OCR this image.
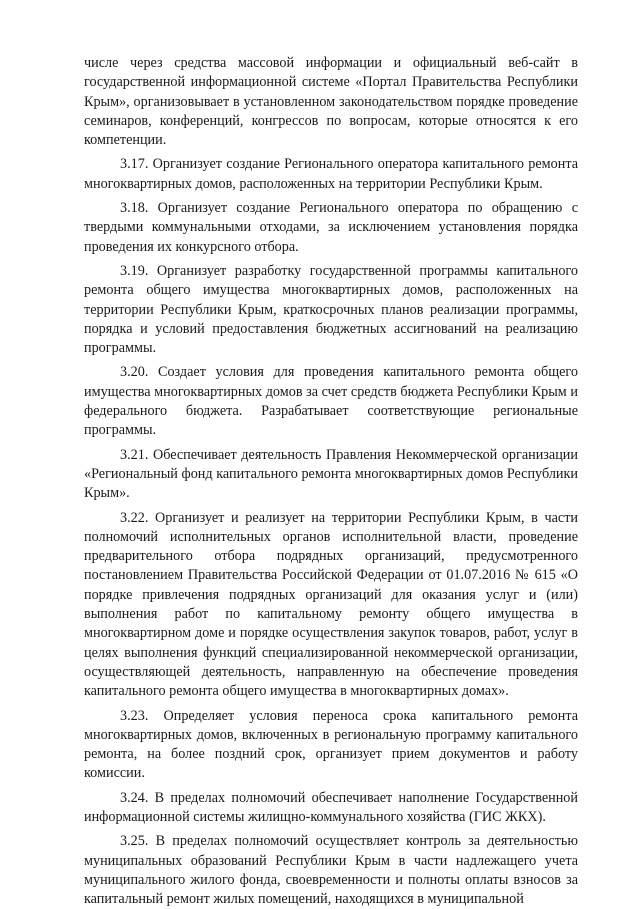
числе через средства массовой информации и официальный веб-сайт в государственной информационной системе «Портал Правительства Республики Крым», организовывает в установленном законодательством порядке проведение семинаров, конференций, конгрессов по вопросам, которые относятся к его компетенции.

3.17. Организует создание Регионального оператора капитального ремонта многоквартирных домов, расположенных на территории Республики Крым.

3.18. Организует создание Регионального оператора по обращению с твердыми коммунальными отходами, за исключением установления порядка проведения их конкурсного отбора.

3.19. Организует разработку государственной программы капитального ремонта общего имущества многоквартирных домов, расположенных на территории Республики Крым, краткосрочных планов реализации программы, порядка и условий предоставления бюджетных ассигнований на реализацию программы.

3.20. Создает условия для проведения капитального ремонта общего имущества многоквартирных домов за счет средств бюджета Республики Крым и федерального бюджета. Разрабатывает соответствующие региональные программы.

3.21. Обеспечивает деятельность Правления Некоммерческой организации «Региональный фонд капитального ремонта многоквартирных домов Республики Крым».

3.22. Организует и реализует на территории Республики Крым, в части полномочий исполнительных органов исполнительной власти, проведение предварительного отбора подрядных организаций, предусмотренного постановлением Правительства Российской Федерации от 01.07.2016 № 615 «О порядке привлечения подрядных организаций для оказания услуг и (или) выполнения работ по капитальному ремонту общего имущества в многоквартирном доме и порядке осуществления закупок товаров, работ, услуг в целях выполнения функций специализированной некоммерческой организации, осуществляющей деятельность, направленную на обеспечение проведения капитального ремонта общего имущества в многоквартирных домах».

3.23. Определяет условия переноса срока капитального ремонта многоквартирных домов, включенных в региональную программу капитального ремонта, на более поздний срок, организует прием документов и работу комиссии.

3.24. В пределах полномочий обеспечивает наполнение Государственной информационной системы жилищно-коммунального хозяйства (ГИС ЖКХ).

3.25. В пределах полномочий осуществляет контроль за деятельностью муниципальных образований Республики Крым в части надлежащего учета муниципального жилого фонда, своевременности и полноты оплаты взносов за капитальный ремонт жилых помещений, находящихся в муниципальной
